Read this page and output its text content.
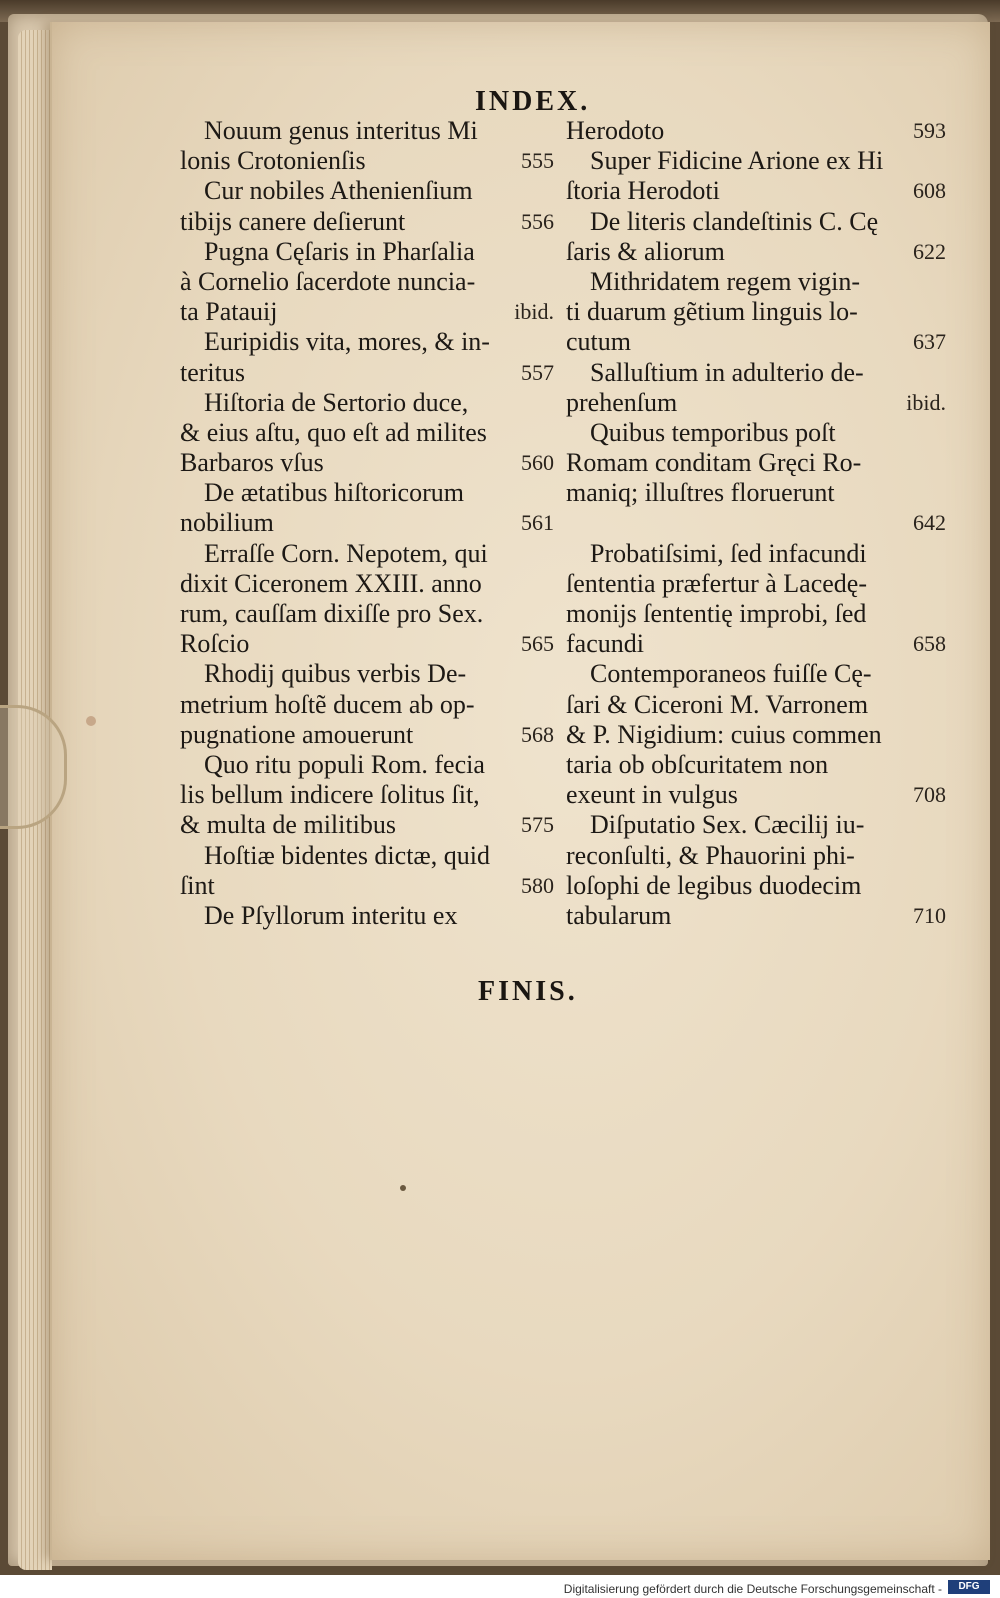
INDEX.
Nouum genus interitus Mi
lonis Crotonienſis	555
Cur nobiles Athenienſium
tibijs canere deſierunt	556
Pugna Cęſaris in Pharſalia
à Cornelio ſacerdote nuncia-
ta Patauij	ibid.
Euripidis vita, mores, & in-
teritus	557
Hiſtoria de Sertorio duce,
& eius aſtu, quo eſt ad milites
Barbaros vſus	560
De ætatibus hiſtoricorum
nobilium	561
Erraſſe Corn. Nepotem, qui
dixit Ciceronem XXIII. anno
rum, cauſſam dixiſſe pro Sex.
Roſcio	565
Rhodij quibus verbis De-
metrium hoſtẽ ducem ab op-
pugnatione amouerunt	568
Quo ritu populi Rom. fecia
lis bellum indicere ſolitus ſit,
& multa de militibus	575
Hoſtiæ bidentes dictæ, quid
ſint	580
De Pſyllorum interitu ex
Herodoto	593
Super Fidicine Arione ex Hi
ſtoria Herodoti	608
De literis clandeſtinis C. Cę
ſaris & aliorum	622
Mithridatem regem vigin-
ti duarum gẽtium linguis lo-
cutum	637
Salluſtium in adulterio de-
prehenſum	ibid.
Quibus temporibus poſt
Romam conditam Gręci Ro-
maniq; illuſtres floruerunt
642
Probatiſsimi, ſed infacundi
ſententia præfertur à Lacedę-
monijs ſententię improbi, ſed
facundi	658
Contemporaneos fuiſſe Cę-
ſari & Ciceroni M. Varronem
& P. Nigidium: cuius commen
taria ob obſcuritatem non
exeunt in vulgus	708
Diſputatio Sex. Cæcilij iu-
reconſulti, & Phauorini phi-
loſophi de legibus duodecim
tabularum	710
FINIS.
Digitalisierung gefördert durch die Deutsche Forschungsgemeinschaft -	DFG
